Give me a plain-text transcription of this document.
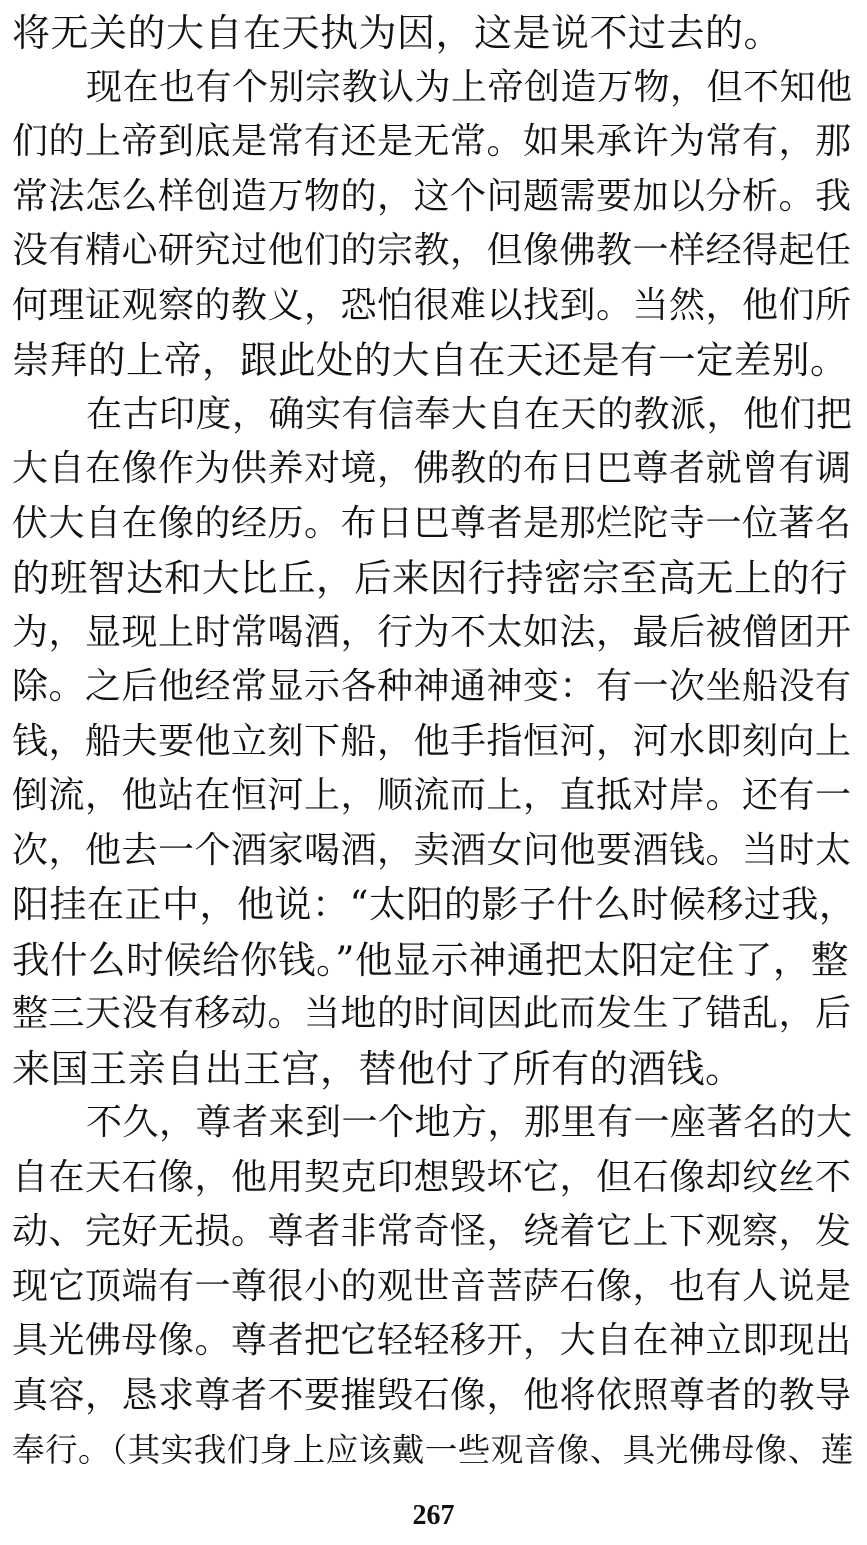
将无关的大自在天执为因，这是说不过去的。
现在也有个别宗教认为上帝创造万物，但不知他
们的上帝到底是常有还是无常。如果承许为常有，那
常法怎么样创造万物的，这个问题需要加以分析。我
没有精心研究过他们的宗教，但像佛教一样经得起任
何理证观察的教义，恐怕很难以找到。当然，他们所
崇拜的上帝，跟此处的大自在天还是有一定差别。
在古印度，确实有信奉大自在天的教派，他们把
大自在像作为供养对境，佛教的布日巴尊者就曾有调
伏大自在像的经历。布日巴尊者是那烂陀寺一位著名
的班智达和大比丘，后来因行持密宗至高无上的行
为，显现上时常喝酒，行为不太如法，最后被僧团开
除。之后他经常显示各种神通神变：有一次坐船没有
钱，船夫要他立刻下船，他手指恒河，河水即刻向上
倒流，他站在恒河上，顺流而上，直抵对岸。还有一
次，他去一个酒家喝酒，卖酒女问他要酒钱。当时太
阳挂在正中，他说：“太阳的影子什么时候移过我，
我什么时候给你钱。”他显示神通把太阳定住了，整
整三天没有移动。当地的时间因此而发生了错乱，后
来国王亲自出王宫，替他付了所有的酒钱。
不久，尊者来到一个地方，那里有一座著名的大
自在天石像，他用契克印想毁坏它，但石像却纹丝不
动、完好无损。尊者非常奇怪，绕着它上下观察，发
现它顶端有一尊很小的观世音菩萨石像，也有人说是
具光佛母像。尊者把它轻轻移开，大自在神立即现出
真容，恳求尊者不要摧毁石像，他将依照尊者的教导
奉行。（其实我们身上应该戴一些观音像、具光佛母像、莲
267
